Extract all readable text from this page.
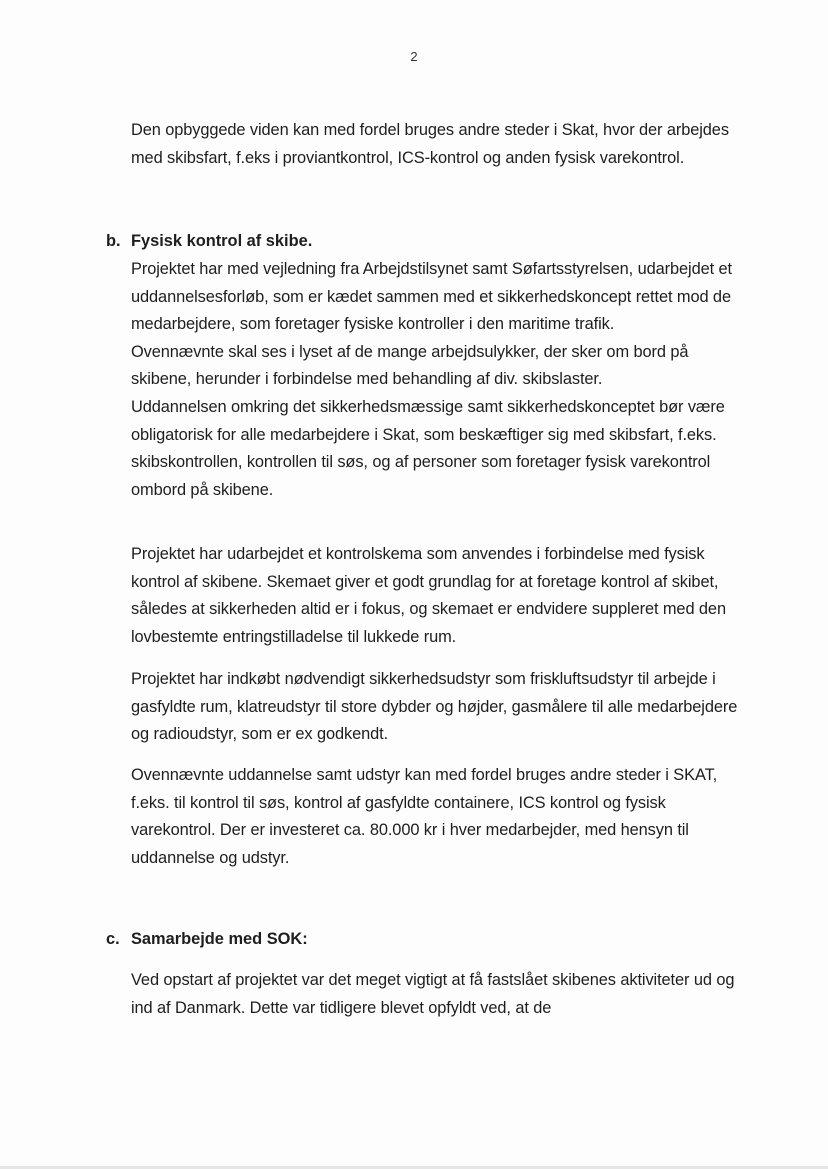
2

Den opbyggede viden kan med fordel bruges andre steder i Skat, hvor der arbejdes med skibsfart, f.eks i proviantkontrol, ICS-kontrol og anden fysisk varekontrol.

b. Fysisk kontrol af skibe.

Projektet har med vejledning fra Arbejdstilsynet samt Søfartsstyrelsen, udarbejdet et uddannelsesforløb, som er kædet sammen med et sikkerhedskoncept rettet mod de medarbejdere, som foretager fysiske kontroller i den maritime trafik.

Ovennævnte skal ses i lyset af de mange arbejdsulykker, der sker om bord på skibene, herunder i forbindelse med behandling af div. skibslaster.

Uddannelsen omkring det sikkerhedsmæssige samt sikkerhedskonceptet bør være obligatorisk for alle medarbejdere i Skat, som beskæftiger sig med skibsfart, f.eks. skibskontrollen, kontrollen til søs, og af personer som foretager fysisk varekontrol ombord på skibene.

Projektet har udarbejdet et kontrolskema som anvendes i forbindelse med fysisk kontrol af skibene. Skemaet giver et godt grundlag for at foretage kontrol af skibet, således at sikkerheden altid er i fokus, og skemaet er endvidere suppleret med den lovbestemte entringstilladelse til lukkede rum.

Projektet har indkøbt nødvendigt sikkerhedsudstyr som friskluftsudstyr til arbejde i gasfyldte rum, klatreudstyr til store dybder og højder, gasmålere til alle medarbejdere og radioudstyr, som er ex godkendt.

Ovennævnte uddannelse samt udstyr kan med fordel bruges andre steder i SKAT, f.eks. til kontrol til søs, kontrol af gasfyldte containere, ICS kontrol og fysisk varekontrol. Der er investeret ca. 80.000 kr i hver medarbejder, med hensyn til uddannelse og udstyr.

c. Samarbejde med SOK:

Ved opstart af projektet var det meget vigtigt at få fastslået skibenes aktiviteter ud og ind af Danmark. Dette var tidligere blevet opfyldt ved, at de
